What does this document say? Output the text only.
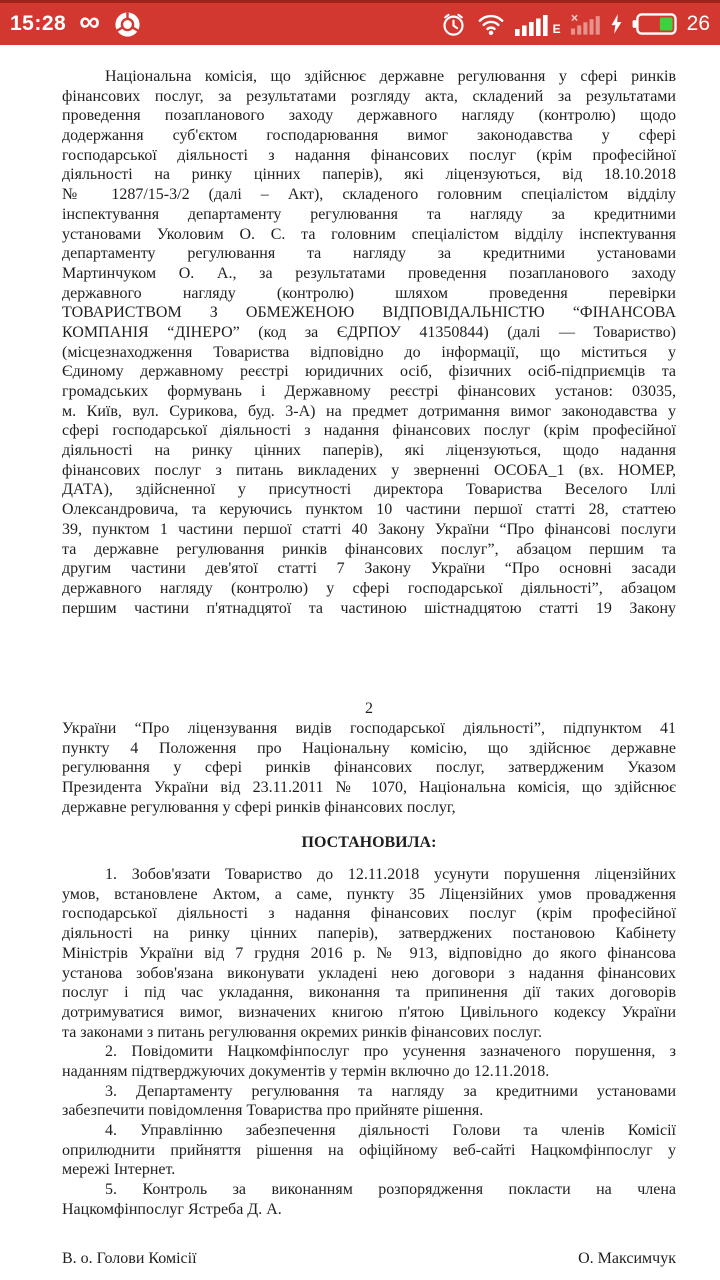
15:28 ∞	E	26
Національна комісія, що здійснює державне регулювання у сфері ринків
фінансових послуг, за результатами розгляду акта, складений за результатами
проведення позапланового заходу державного нагляду (контролю) щодо
додержання суб'єктом господарювання вимог законодавства у сфері
господарської діяльності з надання фінансових послуг (крім професійної
діяльності на ринку цінних паперів), які ліцензуються, від 18.10.2018
№ 1287/15-3/2 (далі – Акт), складеного головним спеціалістом відділу
інспектування департаменту регулювання та нагляду за кредитними
установами Уколовим О. С. та головним спеціалістом відділу інспектування
департаменту регулювання та нагляду за кредитними установами
Мартинчуком О. А., за результатами проведення позапланового заходу
державного нагляду (контролю) шляхом проведення перевірки
ТОВАРИСТВОМ З ОБМЕЖЕНОЮ ВІДПОВІДАЛЬНІСТЮ “ФІНАНСОВА
КОМПАНІЯ “ДІНЕРО” (код за ЄДРПОУ 41350844) (далі — Товариство)
(місцезнаходження Товариства відповідно до інформації, що міститься у
Єдиному державному реєстрі юридичних осіб, фізичних осіб-підприємців та
громадських формувань і Державному реєстрі фінансових установ: 03035,
м. Київ, вул. Сурикова, буд. 3-А) на предмет дотримання вимог законодавства у
сфері господарської діяльності з надання фінансових послуг (крім професійної
діяльності на ринку цінних паперів), які ліцензуються, щодо надання
фінансових послуг з питань викладених у зверненні ОСОБА_1 (вх. НОМЕР,
ДАТА), здійсненної у присутності директора Товариства Веселого Іллі
Олександровича, та керуючись пунктом 10 частини першої статті 28, статтею
39, пунктом 1 частини першої статті 40 Закону України “Про фінансові послуги
та державне регулювання ринків фінансових послуг”, абзацом першим та
другим частини дев'ятої статті 7 Закону України “Про основні засади
державного нагляду (контролю) у сфері господарської діяльності”, абзацом
першим частини п'ятнадцятої та частиною шістнадцятою статті 19 Закону
2
України “Про ліцензування видів господарської діяльності”, підпунктом 41
пункту 4 Положення про Національну комісію, що здійснює державне
регулювання у сфері ринків фінансових послуг, затвердженим Указом
Президента України від 23.11.2011 № 1070, Національна комісія, що здійснює
державне регулювання у сфері ринків фінансових послуг,
ПОСТАНОВИЛА:
1. Зобов'язати Товариство до 12.11.2018 усунути порушення ліцензійних
умов, встановлене Актом, а саме, пункту 35 Ліцензійних умов провадження
господарської діяльності з надання фінансових послуг (крім професійної
діяльності на ринку цінних паперів), затверджених постановою Кабінету
Міністрів України від 7 грудня 2016 р. № 913, відповідно до якого фінансова
установа зобов'язана виконувати укладені нею договори з надання фінансових
послуг і під час укладання, виконання та припинення дії таких договорів
дотримуватися вимог, визначених книгою п'ятою Цивільного кодексу України
та законами з питань регулювання окремих ринків фінансових послуг.
2. Повідомити Нацкомфінпослуг про усунення зазначеного порушення, з
наданням підтверджуючих документів у термін включно до 12.11.2018.
3. Департаменту регулювання та нагляду за кредитними установами
забезпечити повідомлення Товариства про прийняте рішення.
4. Управлінню забезпечення діяльності Голови та членів Комісії
оприлюднити прийняття рішення на офіційному веб-сайті Нацкомфінпослуг у
мережі Інтернет.
5. Контроль за виконанням розпорядження покласти на члена
Нацкомфінпослуг Ястреба Д. А.
В. о. Голови Комісії	О. Максимчук
